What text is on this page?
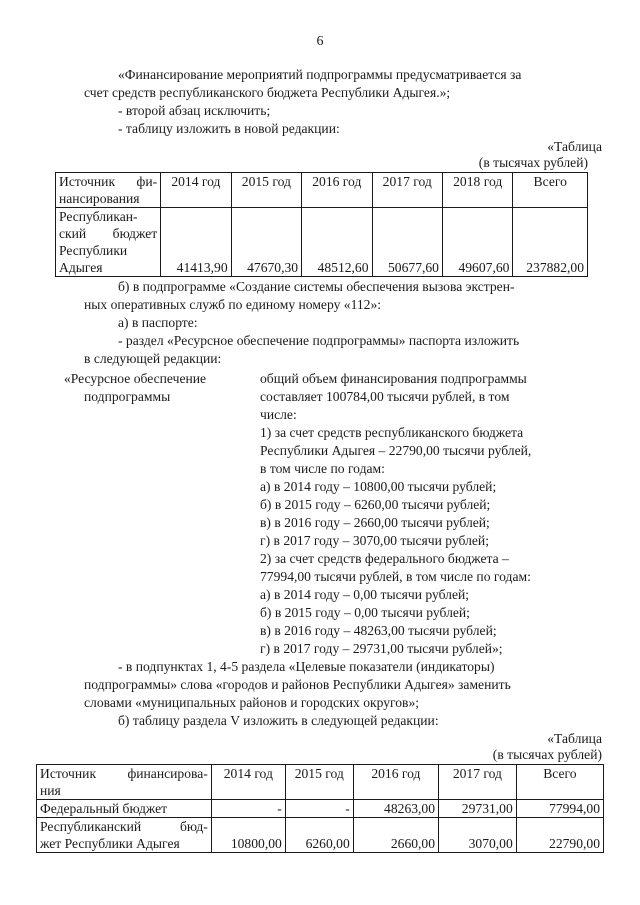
6
«Финансирование мероприятий подпрограммы предусматривается за
счет средств республиканского бюджета Республики Адыгея.»;
- второй абзац исключить;
- таблицу изложить в новой редакции:
«Таблица
(в тысячах рублей)
Источник фи-
нансирования	2014 год	2015 год	2016 год	2017 год	2018 год	Всего

Республикан-
ский бюджет
Республики
Адыгея	41413,90	47670,30	48512,60	50677,60	49607,60	237882,00
б) в подпрограмме «Создание системы обеспечения вызова экстрен-
ных оперативных служб по единому номеру «112»:
а) в паспорте:
- раздел «Ресурсное обеспечение подпрограммы» паспорта изложить
в следующей редакции:
«Ресурсное обеспечение
подпрограммы
общий объем финансирования подпрограммы
составляет 100784,00 тысячи рублей, в том
числе:
1) за счет средств республиканского бюджета
Республики Адыгея – 22790,00 тысячи рублей,
в том числе по годам:
а) в 2014 году – 10800,00 тысячи рублей;
б) в 2015 году – 6260,00 тысячи рублей;
в) в 2016 году – 2660,00 тысячи рублей;
г) в 2017 году – 3070,00 тысячи рублей;
2) за счет средств федерального бюджета –
77994,00 тысячи рублей, в том числе по годам:
а) в 2014 году – 0,00 тысячи рублей;
б) в 2015 году – 0,00 тысячи рублей;
в) в 2016 году – 48263,00 тысячи рублей;
г) в 2017 году – 29731,00 тысячи рублей»;
- в подпунктах 1, 4-5 раздела «Целевые показатели (индикаторы)
подпрограммы» слова «городов и районов Республики Адыгея» заменить
словами «муниципальных районов и городских округов»;
б) таблицу раздела V изложить в следующей редакции:
«Таблица
(в тысячах рублей)
Источник финансирова-
ния	2014 год	2015 год	2016 год	2017 год	Всего
Федеральный бюджет	-	-	48263,00	29731,00	77994,00

Республиканский бюд-
жет Республики Адыгея	10800,00	6260,00	2660,00	3070,00	22790,00
